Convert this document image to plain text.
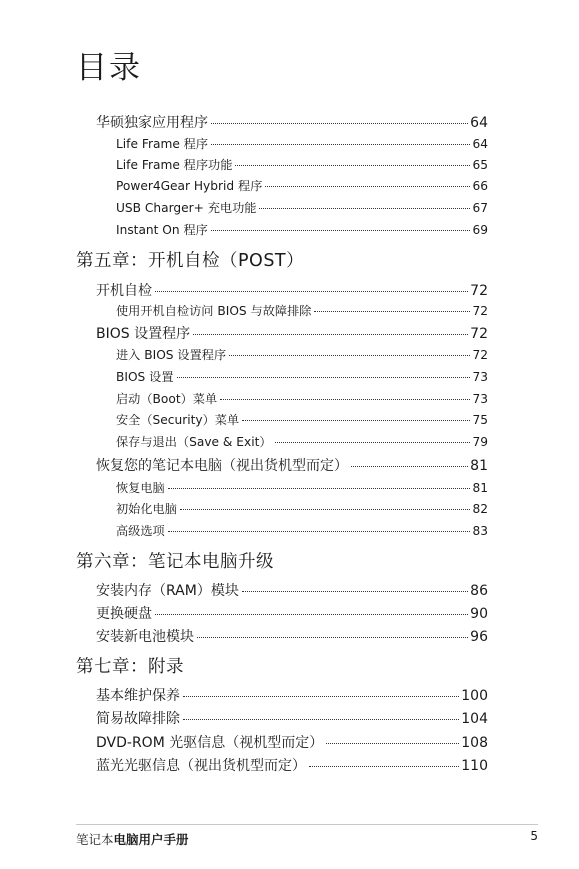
目录
华硕独家应用程序	64
Life Frame 程序	64
Life Frame 程序功能	65
Power4Gear Hybrid 程序	66
USB Charger+ 充电功能	67
Instant On 程序	69
第五章：开机自检（POST）
开机自检	72
使用开机自检访问 BIOS 与故障排除	72
BIOS 设置程序	72
进入 BIOS 设置程序	72
BIOS 设置	73
启动（Boot）菜单	73
安全（Security）菜单	75
保存与退出（Save & Exit）	79
恢复您的笔记本电脑（视出货机型而定）	81
恢复电脑	81
初始化电脑	82
高级选项	83
第六章：笔记本电脑升级
安装内存（RAM）模块	86
更换硬盘	90
安装新电池模块	96
第七章：附录
基本维护保养	100
简易故障排除	104
DVD-ROM 光驱信息（视机型而定）	108
蓝光光驱信息（视出货机型而定）	110
笔记本电脑用户手册	5
